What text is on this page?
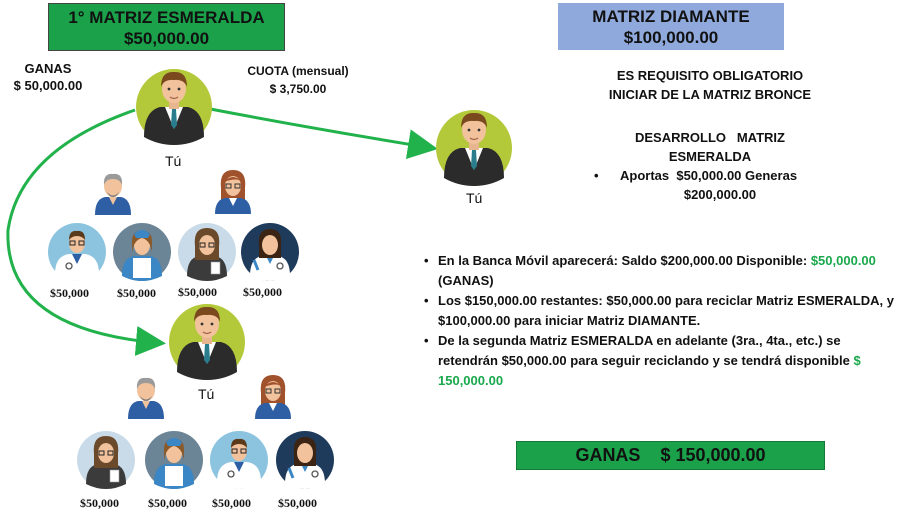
1° MATRIZ ESMERALDA
$50,000.00
MATRIZ DIAMANTE
$100,000.00
GANAS
$ 50,000.00
CUOTA (mensual)
$ 3,750.00
Tú
Tú
$50,000 $50,000 $50,000 $50,000
Tú
$50,000 $50,000 $50,000 $50,000
ES REQUISITO OBLIGATORIO
INICIAR DE LA MATRIZ BRONCE
DESARROLLO   MATRIZ
ESMERALDA
• Aportas  $50,000.00 Generas
$200,000.00
• En la Banca Móvil aparecerá: Saldo $200,000.00 Disponible: $50,000.00 (GANAS)
• Los $150,000.00 restantes: $50,000.00 para reciclar Matriz ESMERALDA, y $100,000.00 para iniciar Matriz DIAMANTE.
• De la segunda Matriz ESMERALDA en adelante (3ra., 4ta., etc.) se retendrán $50,000.00 para seguir reciclando y se tendrá disponible $ 150,000.00
GANAS    $ 150,000.00
